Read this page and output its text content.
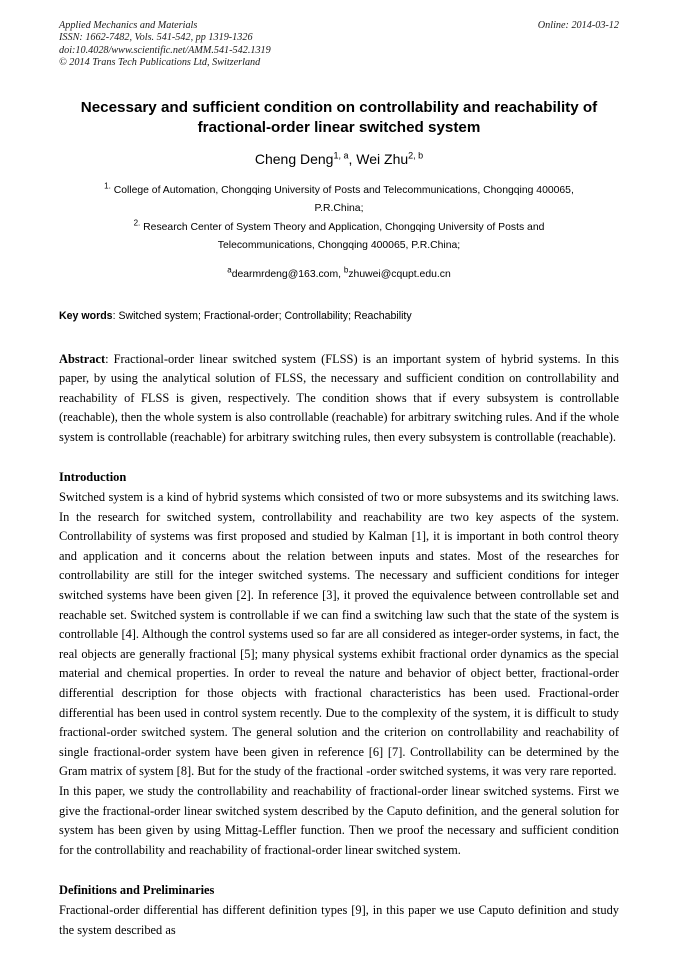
Applied Mechanics and Materials
ISSN: 1662-7482, Vols. 541-542, pp 1319-1326
doi:10.4028/www.scientific.net/AMM.541-542.1319
© 2014 Trans Tech Publications Ltd, Switzerland
Online: 2014-03-12
Necessary and sufficient condition on controllability and reachability of fractional-order linear switched system
Cheng Deng$^{1, a}$, Wei Zhu$^{2, b}$

$^{1.}$ College of Automation, Chongqing University of Posts and Telecommunications, Chongqing 400065, P.R.China;

$^{2.}$ Research Center of System Theory and Application, Chongqing University of Posts and Telecommunications, Chongqing 400065, P.R.China;

$^a$dearmrdeng@163.com, $^b$zhuwei@cqupt.edu.cn

Key words: Switched system; Fractional-order; Controllability; Reachability

Abstract: Fractional-order linear switched system (FLSS) is an important system of hybrid systems. In this paper, by using the analytical solution of FLSS, the necessary and sufficient condition on controllability and reachability of FLSS is given, respectively. The condition shows that if every subsystem is controllable (reachable), then the whole system is also controllable (reachable) for arbitrary switching rules. And if the whole system is controllable (reachable) for arbitrary switching rules, then every subsystem is controllable (reachable).

Introduction

Switched system is a kind of hybrid systems which consisted of two or more subsystems and its switching laws. In the research for switched system, controllability and reachability are two key aspects of the system. Controllability of systems was first proposed and studied by Kalman [1], it is important in both control theory and application and it concerns about the relation between inputs and states. Most of the researches for controllability are still for the integer switched systems. The necessary and sufficient conditions for integer switched systems have been given [2]. In reference [3], it proved the equivalence between controllable set and reachable set. Switched system is controllable if we can find a switching law such that the state of the system is controllable [4]. Although the control systems used so far are all considered as integer-order systems, in fact, the real objects are generally fractional [5]; many physical systems exhibit fractional order dynamics as the special material and chemical properties. In order to reveal the nature and behavior of object better, fractional-order differential description for those objects with fractional characteristics has been used. Fractional-order differential has been used in control system recently. Due to the complexity of the system, it is difficult to study fractional-order switched system. The general solution and the criterion on controllability and reachability of single fractional-order system have been given in reference [6] [7]. Controllability can be determined by the Gram matrix of system [8]. But for the study of the fractional -order switched systems, it was very rare reported.

In this paper, we study the controllability and reachability of fractional-order linear switched systems. First we give the fractional-order linear switched system described by the Caputo definition, and the general solution for system has been given by using Mittag-Leffler function. Then we proof the necessary and sufficient condition for the controllability and reachability of fractional-order linear switched system.

Definitions and Preliminaries

Fractional-order differential has different definition types [9], in this paper we use Caputo definition and study the system described as
